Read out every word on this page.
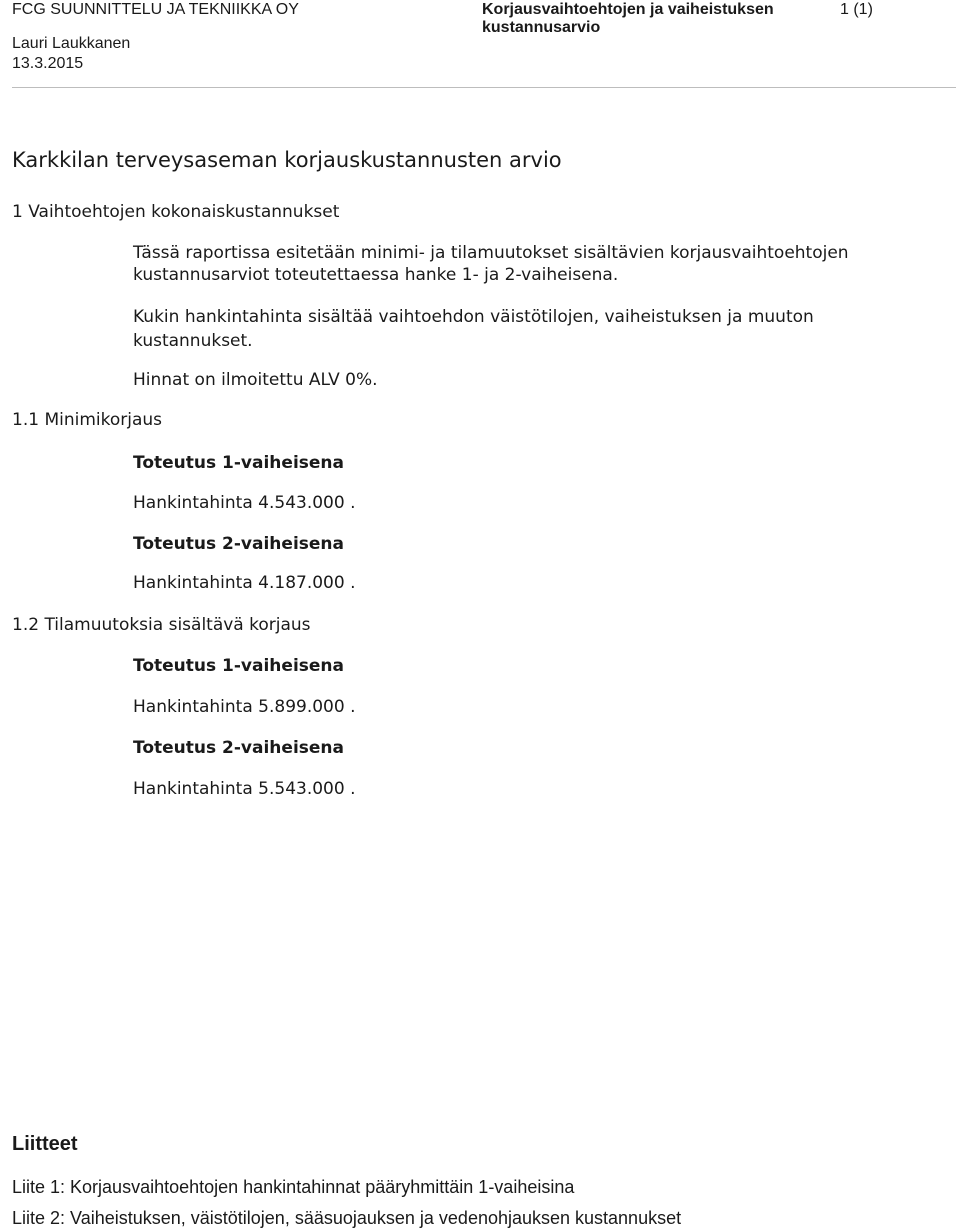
FCG SUUNNITTELU JA TEKNIIKKA OY
Lauri Laukkanen
13.3.2015
Korjausvaihtoehtojen ja vaiheistuksen
kustannusarvio
1 (1)
Karkkilan terveysaseman korjauskustannusten arvio
1 Vaihtoehtojen kokonaiskustannukset
Tässä raportissa esitetään minimi- ja tilamuutokset sisältävien korjausvaihtoehtojen
kustannusarviot toteutettaessa hanke 1- ja 2-vaiheisena.
Kukin hankintahinta sisältää vaihtoehdon väistötilojen, vaiheistuksen ja muuton
kustannukset.
Hinnat on ilmoitettu ALV 0%.
1.1 Minimikorjaus
Toteutus 1-vaiheisena
Hankintahinta 4.543.000 .
Toteutus 2-vaiheisena
Hankintahinta 4.187.000 .
1.2 Tilamuutoksia sisältävä korjaus
Toteutus 1-vaiheisena
Hankintahinta 5.899.000 .
Toteutus 2-vaiheisena
Hankintahinta 5.543.000 .
Liitteet
Liite 1: Korjausvaihtoehtojen hankintahinnat pääryhmittäin 1-vaiheisina
Liite 2: Vaiheistuksen, väistötilojen, sääsuojauksen ja vedenohjauksen kustannukset
